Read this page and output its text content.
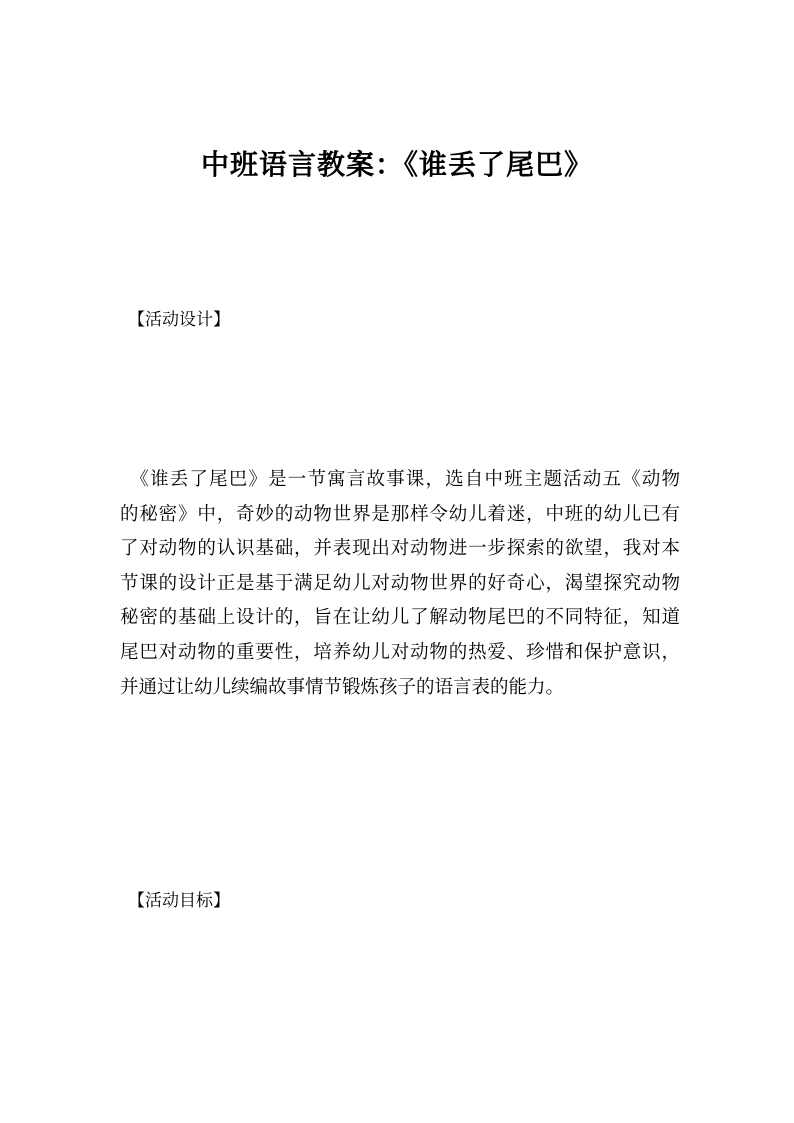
中班语言教案：《谁丢了尾巴》
【活动设计】
　《谁丢了尾巴》是一节寓言故事课，选自中班主题活动五《动物
的秘密》中，奇妙的动物世界是那样令幼儿着迷，中班的幼儿已有
了对动物的认识基础，并表现出对动物进一步探索的欲望，我对本
节课的设计正是基于满足幼儿对动物世界的好奇心，渴望探究动物
秘密的基础上设计的，旨在让幼儿了解动物尾巴的不同特征，知道
尾巴对动物的重要性，培养幼儿对动物的热爱、珍惜和保护意识，
并通过让幼儿续编故事情节锻炼孩子的语言表的能力。
【活动目标】
